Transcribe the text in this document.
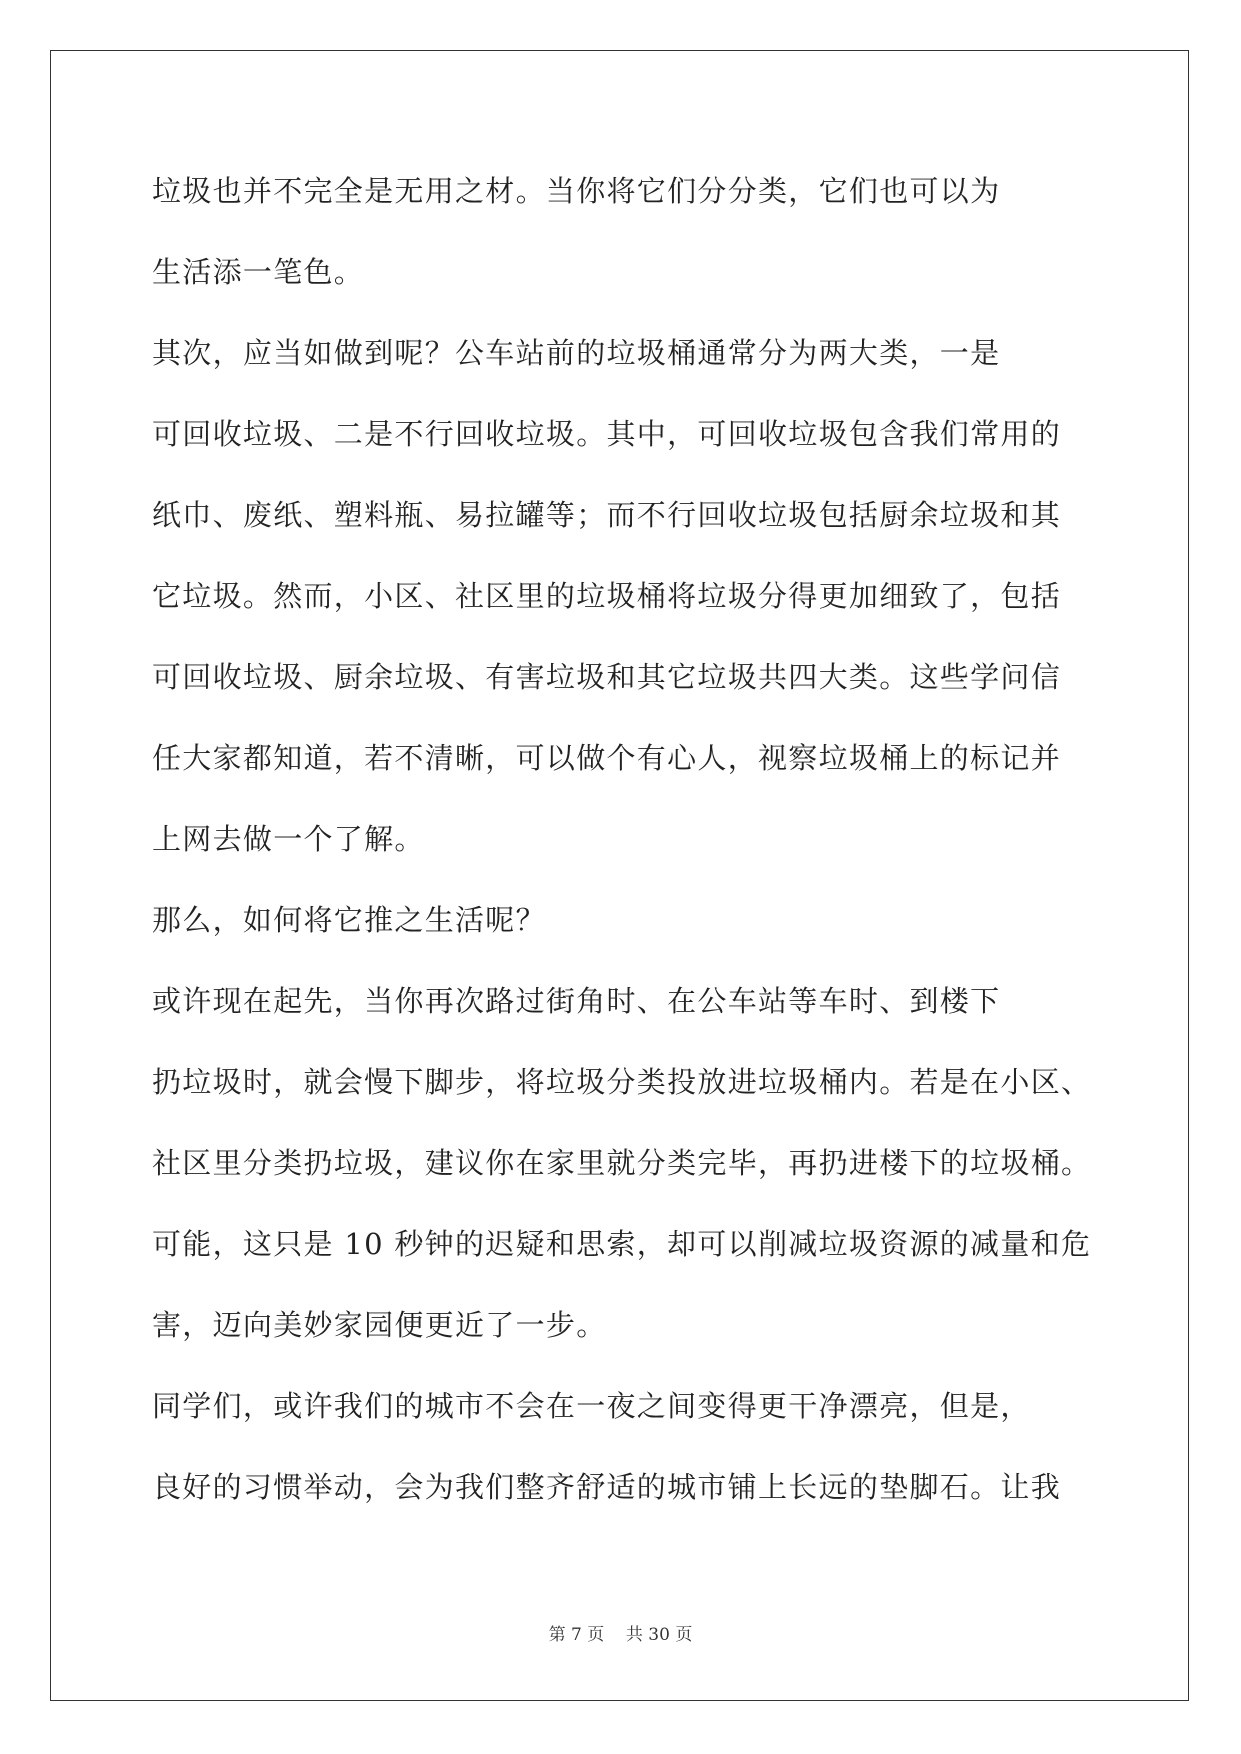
垃圾也并不完全是无用之材。当你将它们分分类，它们也可以为
生活添一笔色。
其次，应当如做到呢？公车站前的垃圾桶通常分为两大类，一是
可回收垃圾、二是不行回收垃圾。其中，可回收垃圾包含我们常用的
纸巾、废纸、塑料瓶、易拉罐等；而不行回收垃圾包括厨余垃圾和其
它垃圾。然而，小区、社区里的垃圾桶将垃圾分得更加细致了，包括
可回收垃圾、厨余垃圾、有害垃圾和其它垃圾共四大类。这些学问信
任大家都知道，若不清晰，可以做个有心人，视察垃圾桶上的标记并
上网去做一个了解。
那么，如何将它推之生活呢？
或许现在起先，当你再次路过街角时、在公车站等车时、到楼下
扔垃圾时，就会慢下脚步，将垃圾分类投放进垃圾桶内。若是在小区、
社区里分类扔垃圾，建议你在家里就分类完毕，再扔进楼下的垃圾桶。
可能，这只是 10 秒钟的迟疑和思索，却可以削减垃圾资源的减量和危
害，迈向美妙家园便更近了一步。
同学们，或许我们的城市不会在一夜之间变得更干净漂亮，但是，
良好的习惯举动，会为我们整齐舒适的城市铺上长远的垫脚石。让我
第 7 页    共 30 页
